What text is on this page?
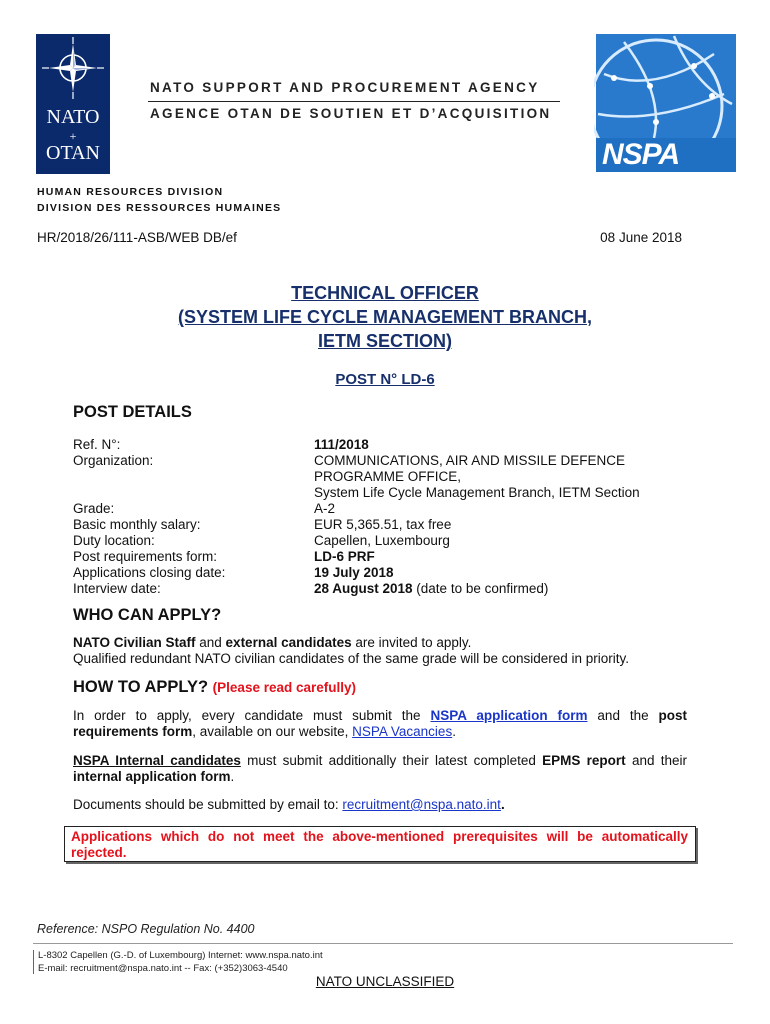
NATO
+
OTAN
NATO SUPPORT AND PROCUREMENT AGENCY
AGENCE OTAN DE SOUTIEN ET D’ACQUISITION
NSPA
HUMAN RESOURCES DIVISION
DIVISION DES RESSOURCES HUMAINES
HR/2018/26/111-ASB/WEB DB/ef	08 June 2018
TECHNICAL OFFICER
(SYSTEM LIFE CYCLE MANAGEMENT BRANCH,
IETM SECTION)
POST N° LD-6
POST DETAILS
Ref. N°:	111/2018
Organization:	COMMUNICATIONS, AIR AND MISSILE DEFENCE
PROGRAMME OFFICE,
System Life Cycle Management Branch, IETM Section
Grade:	A-2
Basic monthly salary:	EUR 5,365.51, tax free
Duty location:	Capellen, Luxembourg
Post requirements form:	LD-6 PRF
Applications closing date:	19 July 2018
Interview date:	28 August 2018 (date to be confirmed)
WHO CAN APPLY?
NATO Civilian Staff and external candidates are invited to apply.
Qualified redundant NATO civilian candidates of the same grade will be considered in priority.
HOW TO APPLY? (Please read carefully)
In order to apply, every candidate must submit the NSPA application form and the post requirements form, available on our website, NSPA Vacancies.
NSPA Internal candidates must submit additionally their latest completed EPMS report and their internal application form.
Documents should be submitted by email to: recruitment@nspa.nato.int.
Applications which do not meet the above-mentioned prerequisites will be automatically rejected.
Reference: NSPO Regulation No. 4400
L-8302 Capellen (G.-D. of Luxembourg) Internet: www.nspa.nato.int
E-mail: recruitment@nspa.nato.int -- Fax: (+352)3063-4540
NATO UNCLASSIFIED
